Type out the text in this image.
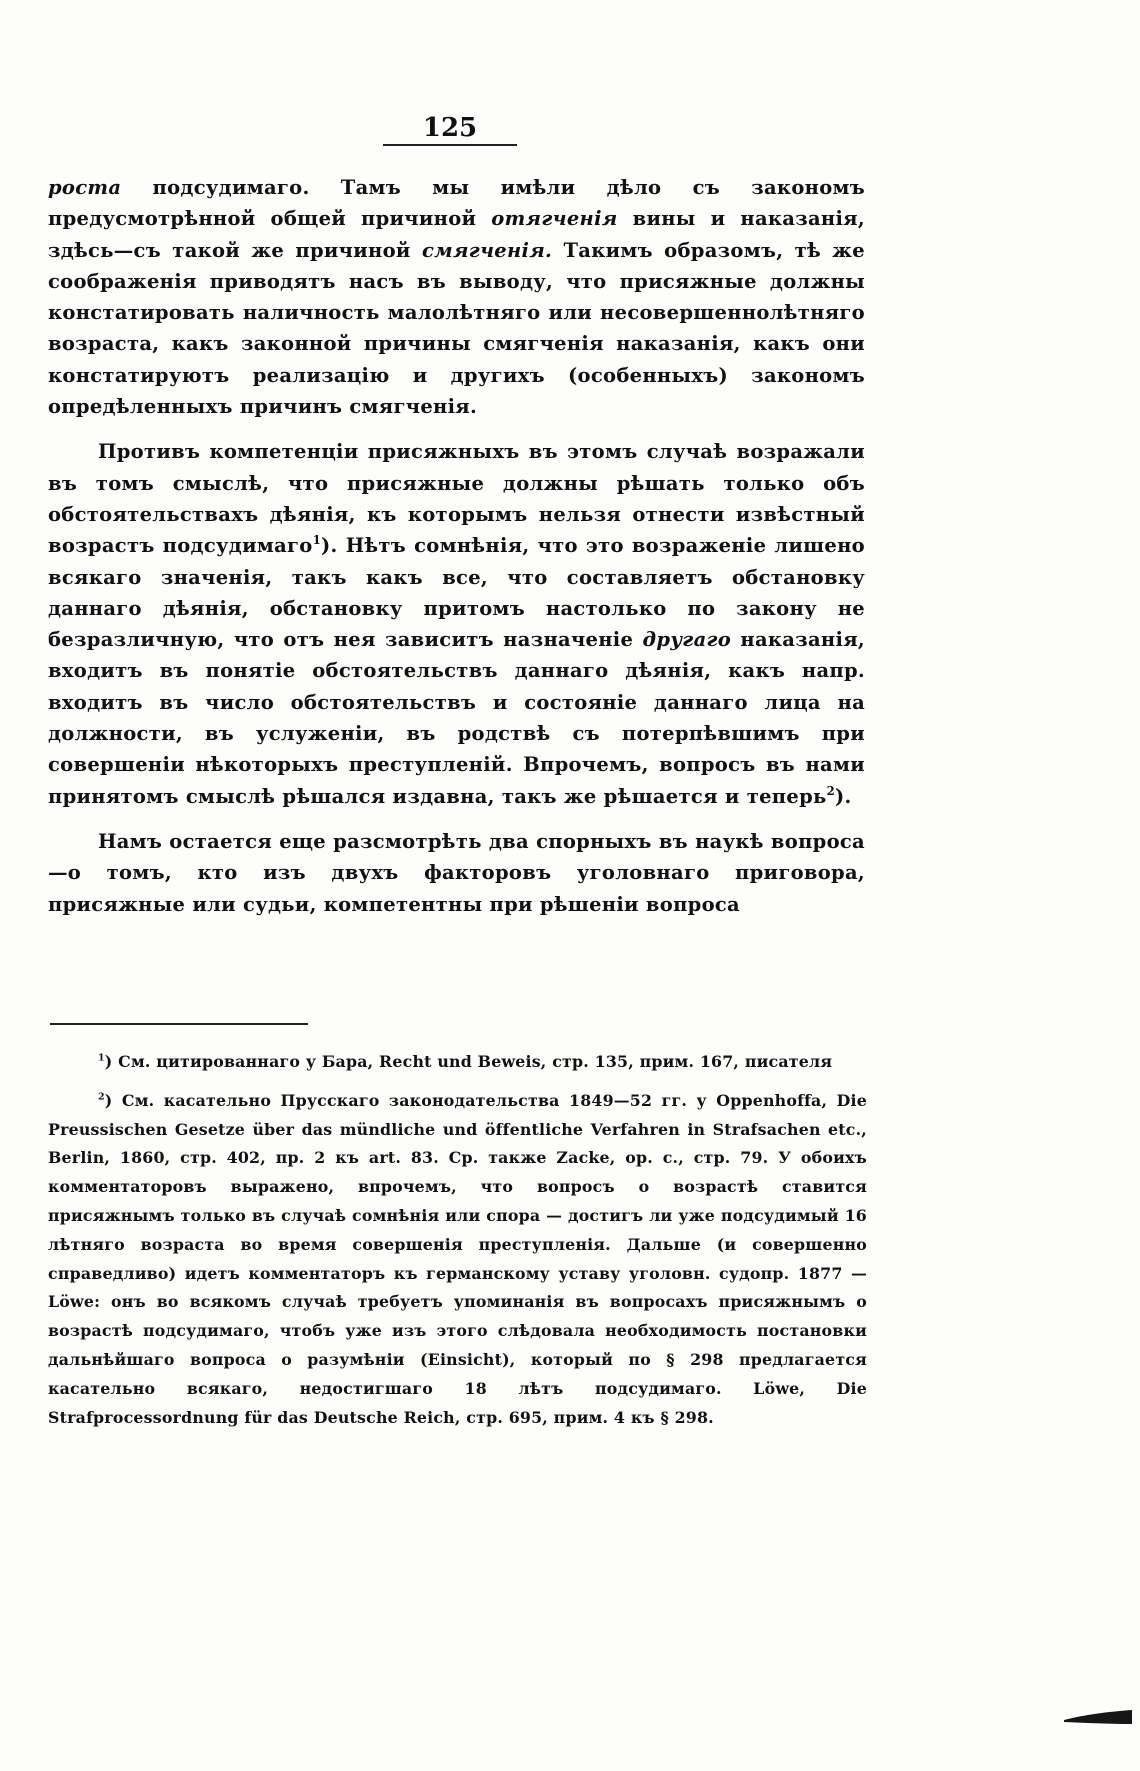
125

роста подсудимаго. Тамъ мы имѣли дѣло съ закономъ предусмотрѣнной общей причиной отягченія вины и наказанія, здѣсь—съ такой же причиной смягченія. Такимъ образомъ, тѣ же соображенія приводятъ насъ въ выводу, что присяжные должны констатировать наличность малолѣтняго или несовершеннолѣтняго возраста, какъ законной причины смягченія наказанія, какъ они констатируютъ реализацію и другихъ (особенныхъ) закономъ опредѣленныхъ причинъ смягченія.

Противъ компетенціи присяжныхъ въ этомъ случаѣ возражали въ томъ смыслѣ, что присяжные должны рѣшать только объ обстоятельствахъ дѣянія, къ которымъ нельзя отнести извѣстный возрастъ подсудимаго$^1$). Нѣтъ сомнѣнія, что это возраженіе лишено всякаго значенія, такъ какъ все, что составляетъ обстановку даннаго дѣянія, обстановку притомъ настолько по закону не безразличную, что отъ нея зависитъ назначеніе другаго наказанія, входитъ въ понятіе обстоятельствъ даннаго дѣянія, какъ напр. входитъ въ число обстоятельствъ и состояніе даннаго лица на должности, въ услуженіи, въ родствѣ съ потерпѣвшимъ при совершеніи нѣкоторыхъ преступленій. Впрочемъ, вопросъ въ нами принятомъ смыслѣ рѣшался издавна, такъ же рѣшается и теперь$^2$).

Намъ остается еще разсмотрѣть два спорныхъ въ наукѣ вопроса—о томъ, кто изъ двухъ факторовъ уголовнаго приговора, присяжные или судьи, компетентны при рѣшеніи вопроса

$^1$) См. цитированнаго у Бара, Recht und Beweis, стр. 135, прим. 167, писателя

$^2$) См. касательно Прусскаго законодательства 1849—52 гг. у Oppenhoffa, Die Preussischen Gesetze über das mündliche und öffentliche Verfahren in Strafsachen etc., Berlin, 1860, стр. 402, пр. 2 къ art. 83. Ср. также Zacke, op. c., стр. 79. У обоихъ комментаторовъ выражено, впрочемъ, что вопросъ о возрастѣ ставится присяжнымъ только въ случаѣ сомнѣнія или спора — достигъ ли уже подсудимый 16 лѣтняго возраста во время совершенія преступленія. Дальше (и совершенно справедливо) идетъ комментаторъ къ германскому уставу уголовн. судопр. 1877 — Löwe: онъ во всякомъ случаѣ требуетъ упоминанія въ вопросахъ присяжнымъ о возрастѣ подсудимаго, чтобъ уже изъ этого слѣдовала необходимость постановки дальнѣйшаго вопроса о разумѣніи (Einsicht), который по § 298 предлагается касательно всякаго, недостигшаго 18 лѣтъ подсудимаго. Löwe, Die Strafprocessordnung für das Deutsche Reich, стр. 695, прим. 4 къ § 298.
